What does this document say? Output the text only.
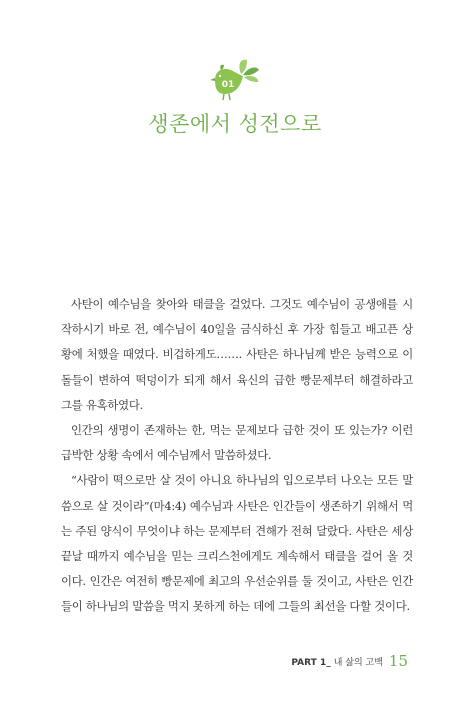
01
생존에서 성전으로

사탄이 예수님을 찾아와 태클을 걸었다. 그것도 예수님이 공생애를 시작하시기 바로 전, 예수님이 40일을 금식하신 후 가장 힘들고 배고픈 상황에 처했을 때였다. 비겁하게도……. 사탄은 하나님께 받은 능력으로 이 돌들이 변하여 떡덩이가 되게 해서 육신의 급한 빵문제부터 해결하라고 그를 유혹하였다.

인간의 생명이 존재하는 한, 먹는 문제보다 급한 것이 또 있는가? 이런 급박한 상황 속에서 예수님께서 말씀하셨다.

“사람이 떡으로만 살 것이 아니요 하나님의 입으로부터 나오는 모든 말씀으로 살 것이라”(마4:4) 예수님과 사탄은 인간들이 생존하기 위해서 먹는 주된 양식이 무엇이냐 하는 문제부터 견해가 전혀 달랐다. 사탄은 세상 끝날 때까지 예수님을 믿는 크리스천에게도 계속해서 태클을 걸어 올 것이다. 인간은 여전히 빵문제에 최고의 우선순위를 둘 것이고, 사탄은 인간들이 하나님의 말씀을 먹지 못하게 하는 데에 그들의 최선을 다할 것이다.

PART 1_ 내 삶의 고백 15
